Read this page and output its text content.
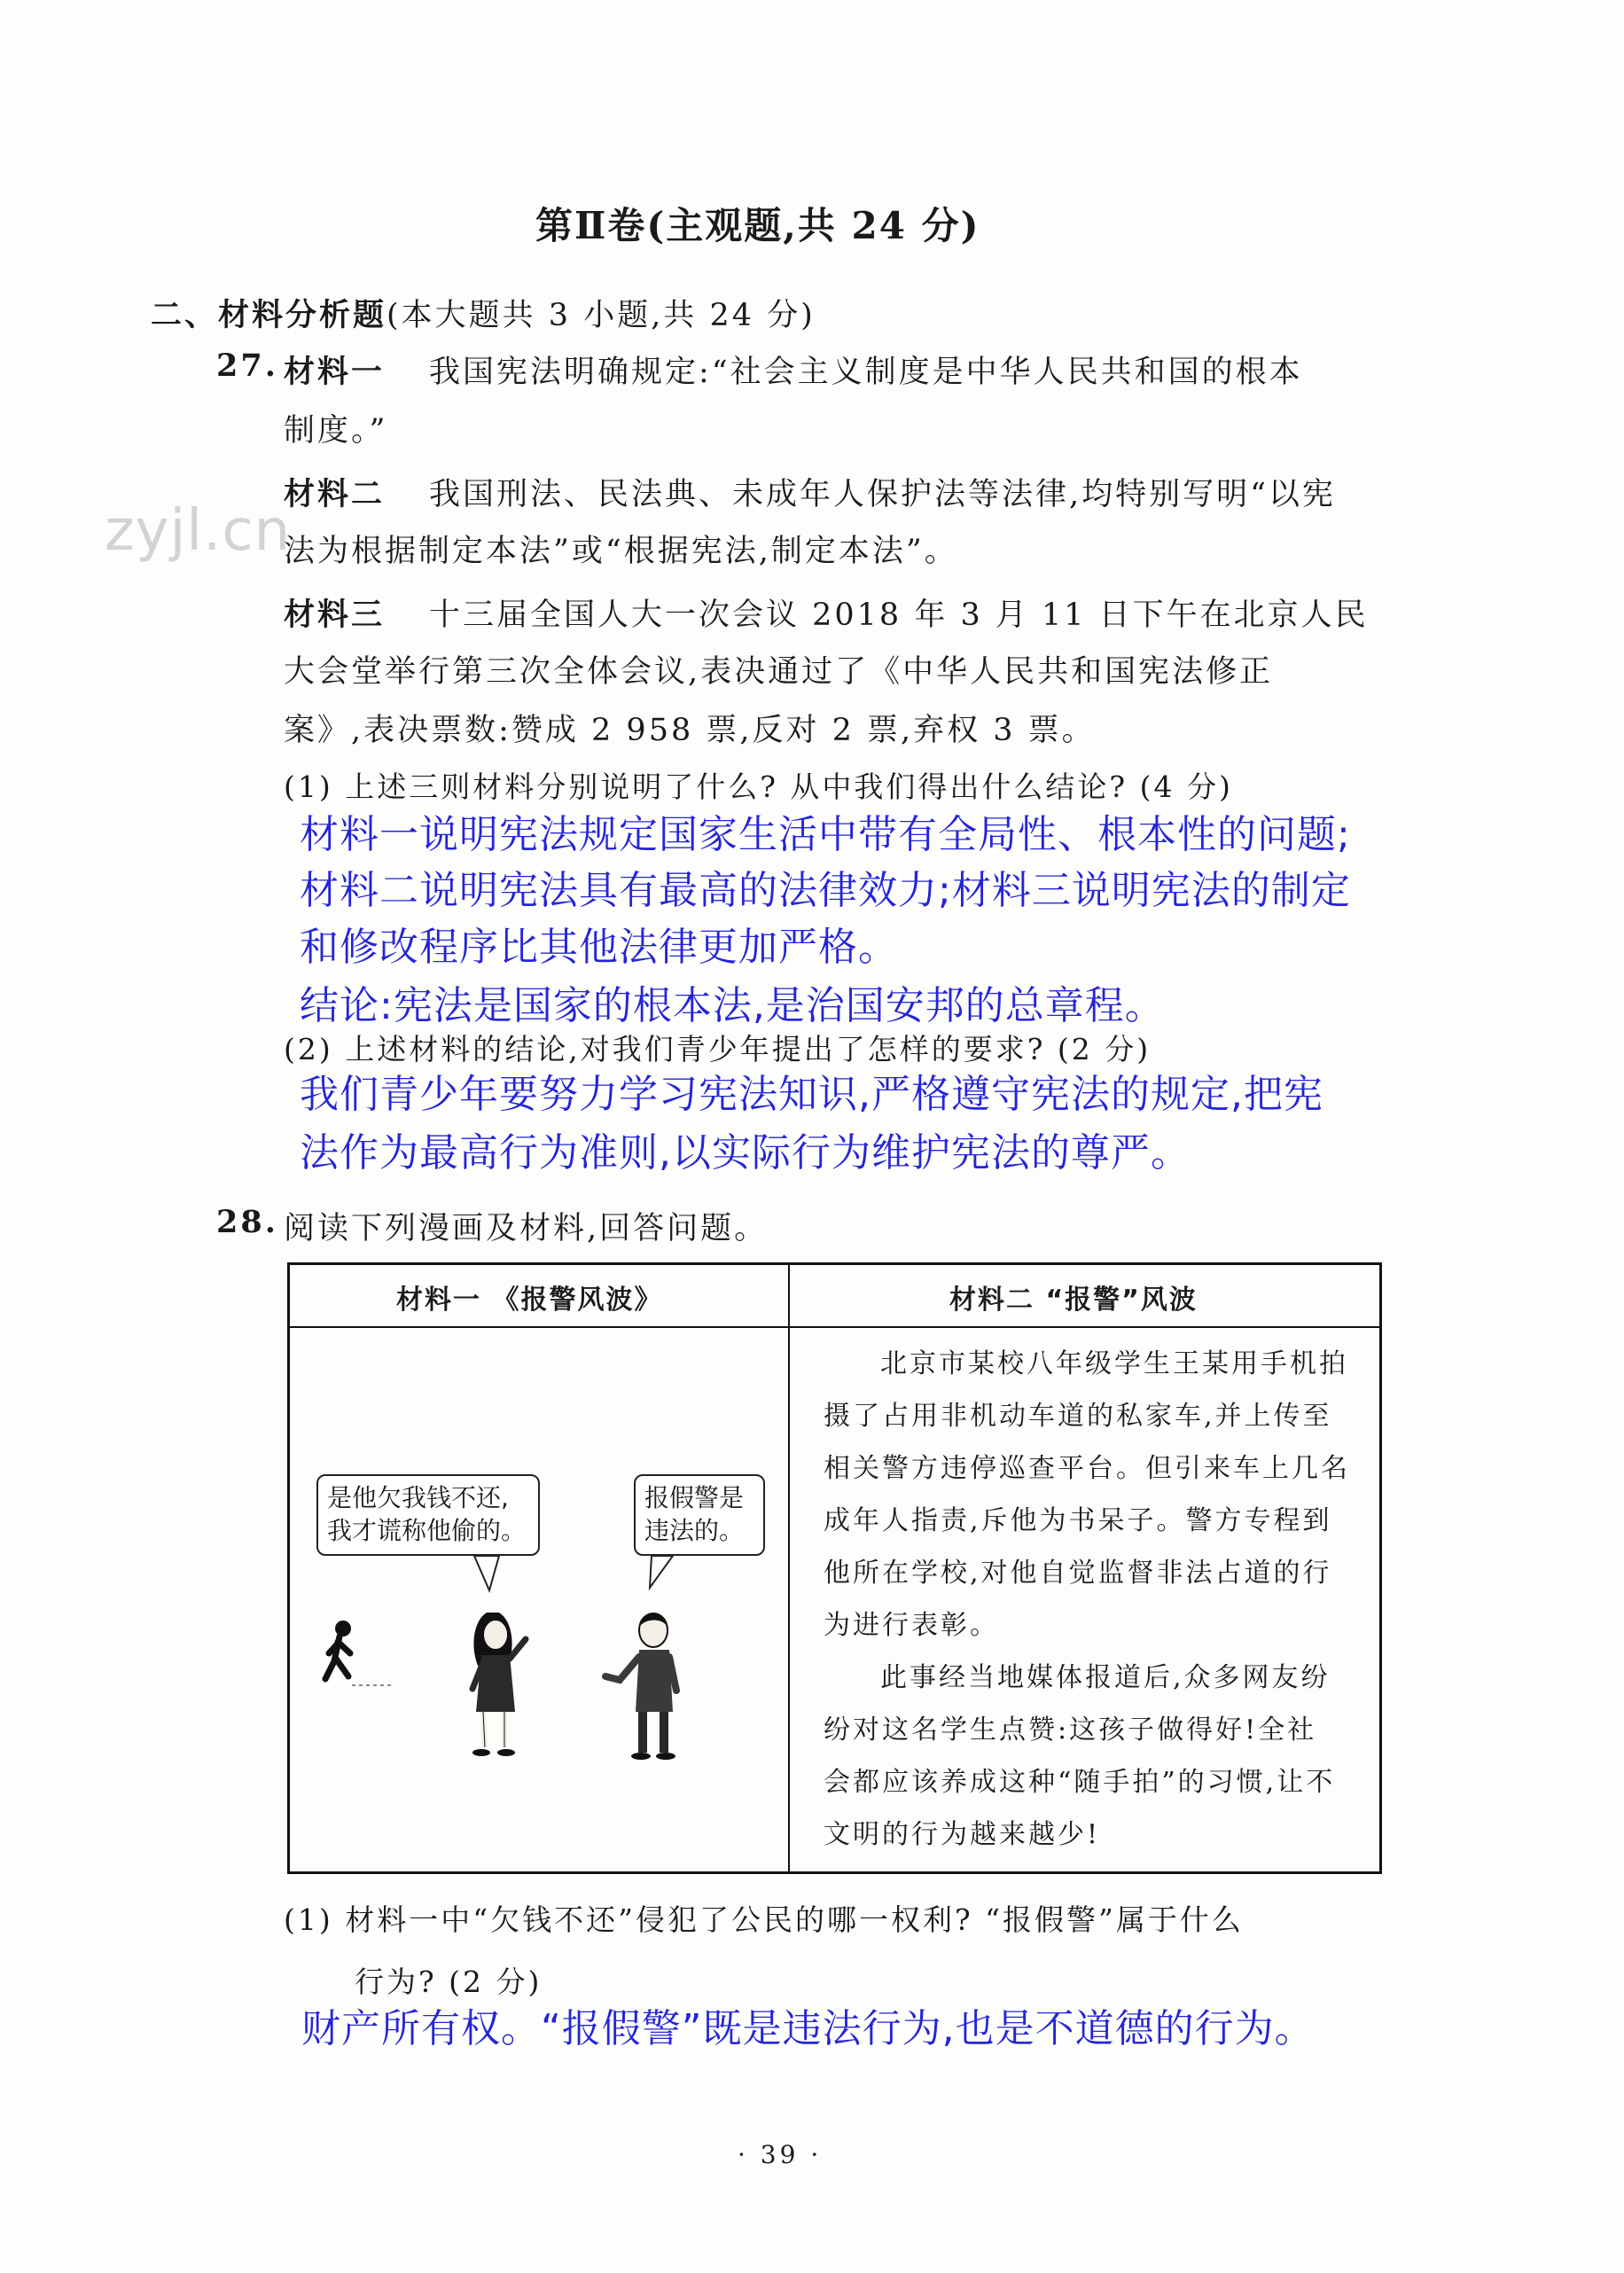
第Ⅱ卷(主观题,共 24 分)
二、材料分析题(本大题共 3 小题,共 24 分)
zyjl.cn
27. 材料一 我国宪法明确规定:“社会主义制度是中华人民共和国的根本
制度。”
材料二 我国刑法、民法典、未成年人保护法等法律,均特别写明“以宪
法为根据制定本法”或“根据宪法,制定本法”。
材料三 十三届全国人大一次会议 2018 年 3 月 11 日下午在北京人民
大会堂举行第三次全体会议,表决通过了《中华人民共和国宪法修正
案》,表决票数:赞成 2 958 票,反对 2 票,弃权 3 票。
(1) 上述三则材料分别说明了什么? 从中我们得出什么结论? (4 分)
材料一说明宪法规定国家生活中带有全局性、根本性的问题;
材料二说明宪法具有最高的法律效力;材料三说明宪法的制定
和修改程序比其他法律更加严格。
结论:宪法是国家的根本法,是治国安邦的总章程。
(2) 上述材料的结论,对我们青少年提出了怎样的要求? (2 分)
我们青少年要努力学习宪法知识,严格遵守宪法的规定,把宪
法作为最高行为准则,以实际行为维护宪法的尊严。
28. 阅读下列漫画及材料,回答问题。
材料一 《报警风波》	材料二 “报警”风波
是他欠我钱不还,
我才谎称他偷的。
报假警是
违法的。
北京市某校八年级学生王某用手机拍
摄了占用非机动车道的私家车,并上传至
相关警方违停巡查平台。但引来车上几名
成年人指责,斥他为书呆子。警方专程到
他所在学校,对他自觉监督非法占道的行
为进行表彰。
此事经当地媒体报道后,众多网友纷
纷对这名学生点赞:这孩子做得好!全社
会都应该养成这种“随手拍”的习惯,让不
文明的行为越来越少!
(1) 材料一中“欠钱不还”侵犯了公民的哪一权利? “报假警”属于什么
行为? (2 分)
财产所有权。“报假警”既是违法行为,也是不道德的行为。
· 39 ·
